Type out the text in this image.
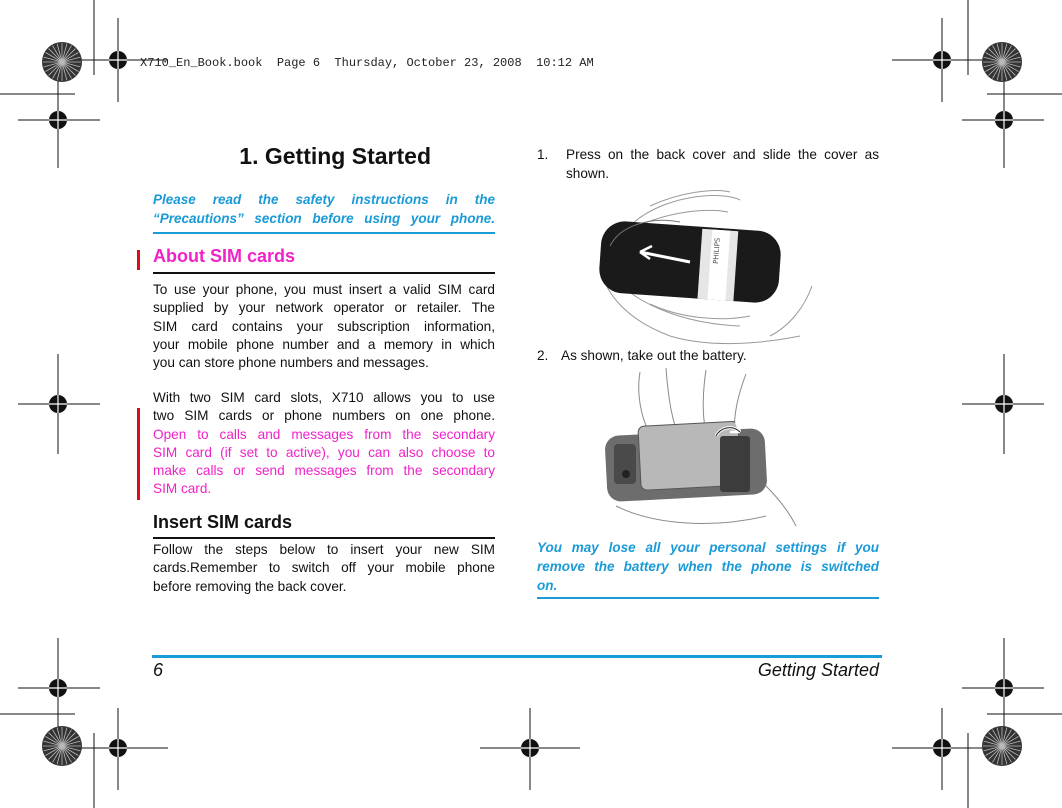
X710_En_Book.book  Page 6  Thursday, October 23, 2008  10:12 AM
1. Getting Started
Please read the safety instructions in the
“Precautions” section before using your phone.
About SIM cards
To use your phone, you must insert a valid SIM card
supplied by your network operator or retailer. The
SIM card contains your subscription information,
your mobile phone number and a memory in which
you can store phone numbers and messages.
With two SIM card slots, X710 allows you to use
two SIM cards or phone numbers on one phone.
Open to calls and messages from the secondary
SIM card (if set to active), you can also choose to
make calls or send messages from the secondary
SIM card.
Insert SIM cards
Follow the steps below to insert your new SIM
cards.Remember to switch off your mobile phone
before removing the back cover.
1. Press on the back cover and slide the cover as
shown.
PHILIPS
2. As shown, take out the battery.
You may lose all your personal settings if you
remove the battery when the phone is switched
on.
6	Getting Started
